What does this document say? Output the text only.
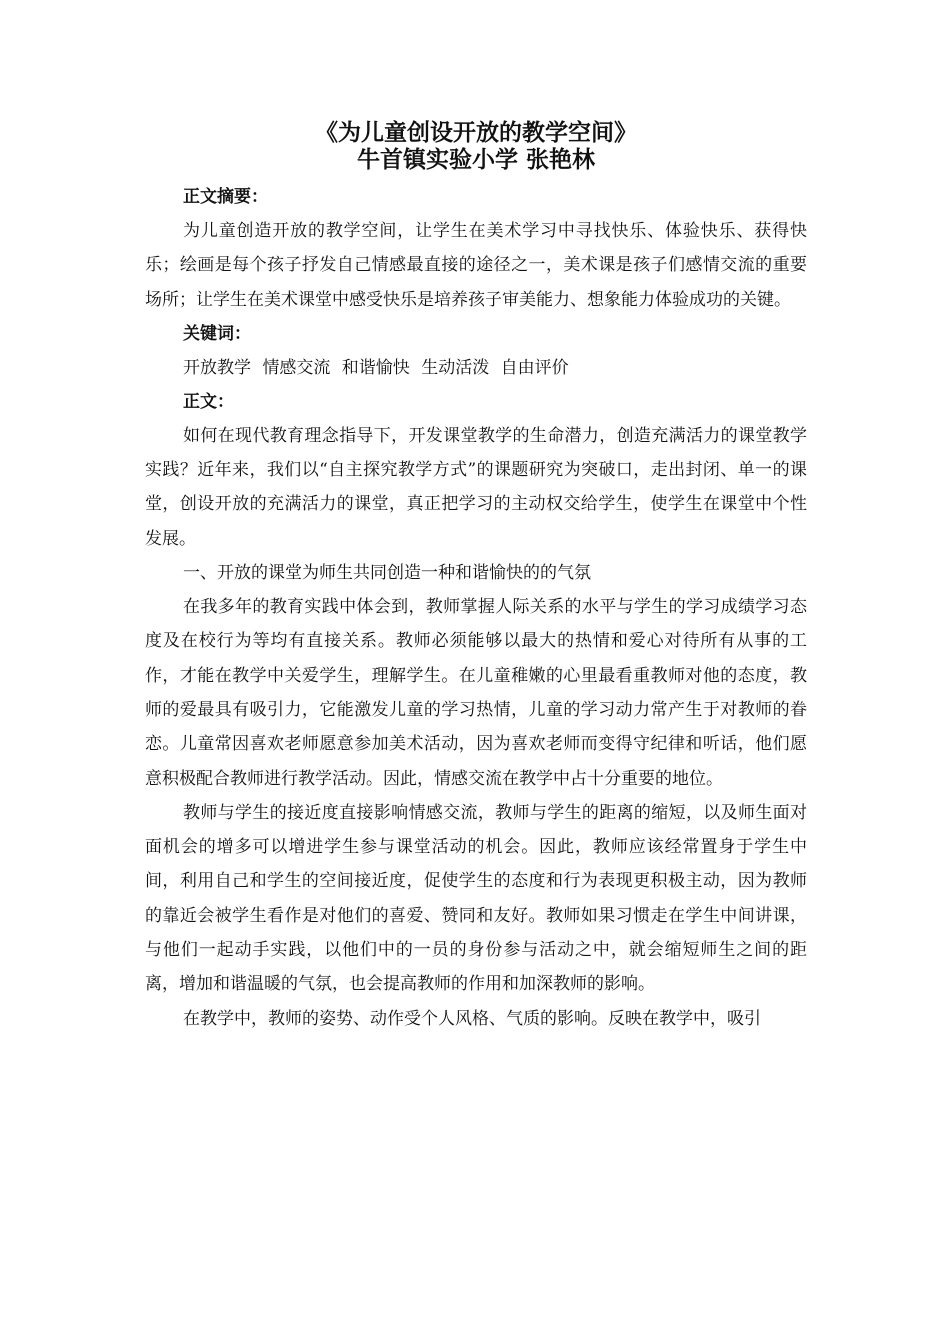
《为儿童创设开放的教学空间》
牛首镇实验小学 张艳林

正文摘要：

为儿童创造开放的教学空间，让学生在美术学习中寻找快乐、体验快乐、获得快乐；绘画是每个孩子抒发自己情感最直接的途径之一，美术课是孩子们感情交流的重要场所；让学生在美术课堂中感受快乐是培养孩子审美能力、想象能力体验成功的关键。

关键词：

开放教学 情感交流 和谐愉快 生动活泼 自由评价

正文：

如何在现代教育理念指导下，开发课堂教学的生命潜力，创造充满活力的课堂教学实践？近年来，我们以“自主探究教学方式”的课题研究为突破口，走出封闭、单一的课堂，创设开放的充满活力的课堂，真正把学习的主动权交给学生，使学生在课堂中个性发展。

一、开放的课堂为师生共同创造一种和谐愉快的的气氛

在我多年的教育实践中体会到，教师掌握人际关系的水平与学生的学习成绩学习态度及在校行为等均有直接关系。教师必须能够以最大的热情和爱心对待所有从事的工作，才能在教学中关爱学生，理解学生。在儿童稚嫩的心里最看重教师对他的态度，教师的爱最具有吸引力，它能激发儿童的学习热情，儿童的学习动力常产生于对教师的眷恋。儿童常因喜欢老师愿意参加美术活动，因为喜欢老师而变得守纪律和听话，他们愿意积极配合教师进行教学活动。因此，情感交流在教学中占十分重要的地位。

教师与学生的接近度直接影响情感交流，教师与学生的距离的缩短，以及师生面对面机会的增多可以增进学生参与课堂活动的机会。因此，教师应该经常置身于学生中间，利用自己和学生的空间接近度，促使学生的态度和行为表现更积极主动，因为教师的靠近会被学生看作是对他们的喜爱、赞同和友好。教师如果习惯走在学生中间讲课，与他们一起动手实践，以他们中的一员的身份参与活动之中，就会缩短师生之间的距离，增加和谐温暖的气氛，也会提高教师的作用和加深教师的影响。

在教学中，教师的姿势、动作受个人风格、气质的影响。反映在教学中，吸引
